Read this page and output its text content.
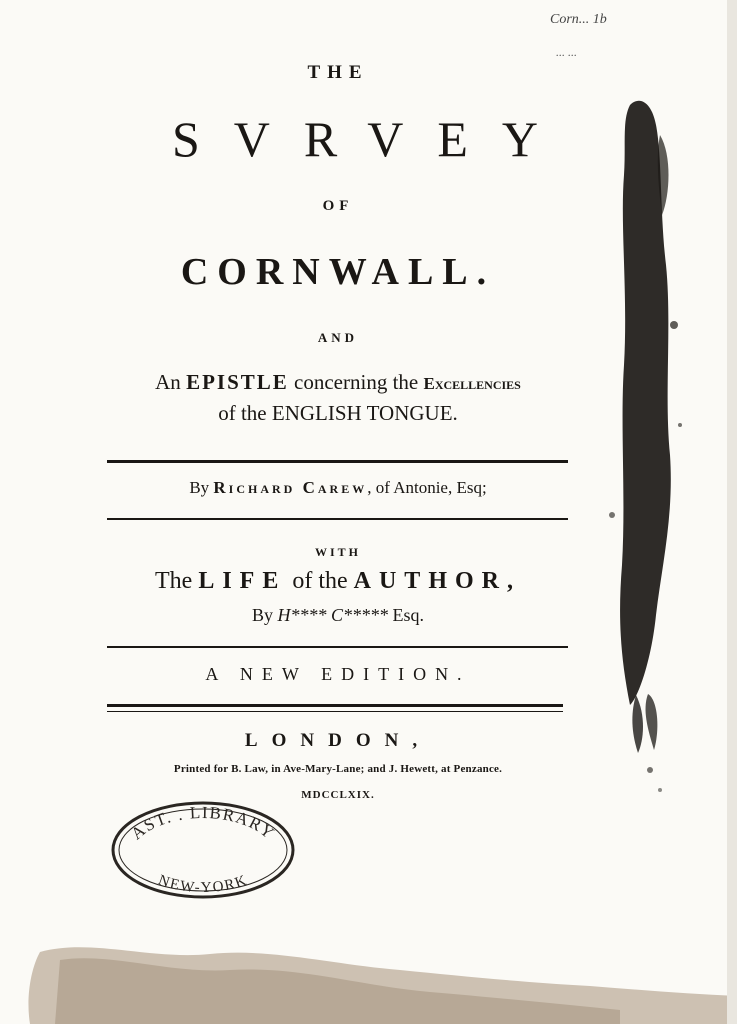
Corn... 1b
... ...
THE
SVRVEY
OF
CORNWALL.
AND
An EPISTLE concerning the Excellencies
of the ENGLISH TONGUE.
By Richard Carew, of Antonie, Esq;
WITH
The LIFE of the AUTHOR,
By H**** C***** Esq.
A NEW EDITION.
LONDON,
Printed for B. Law, in Ave-Mary-Lane; and J. Hewett, at Penzance.
MDCCLXIX.
AST. . LIBRARY
NEW-YORK
